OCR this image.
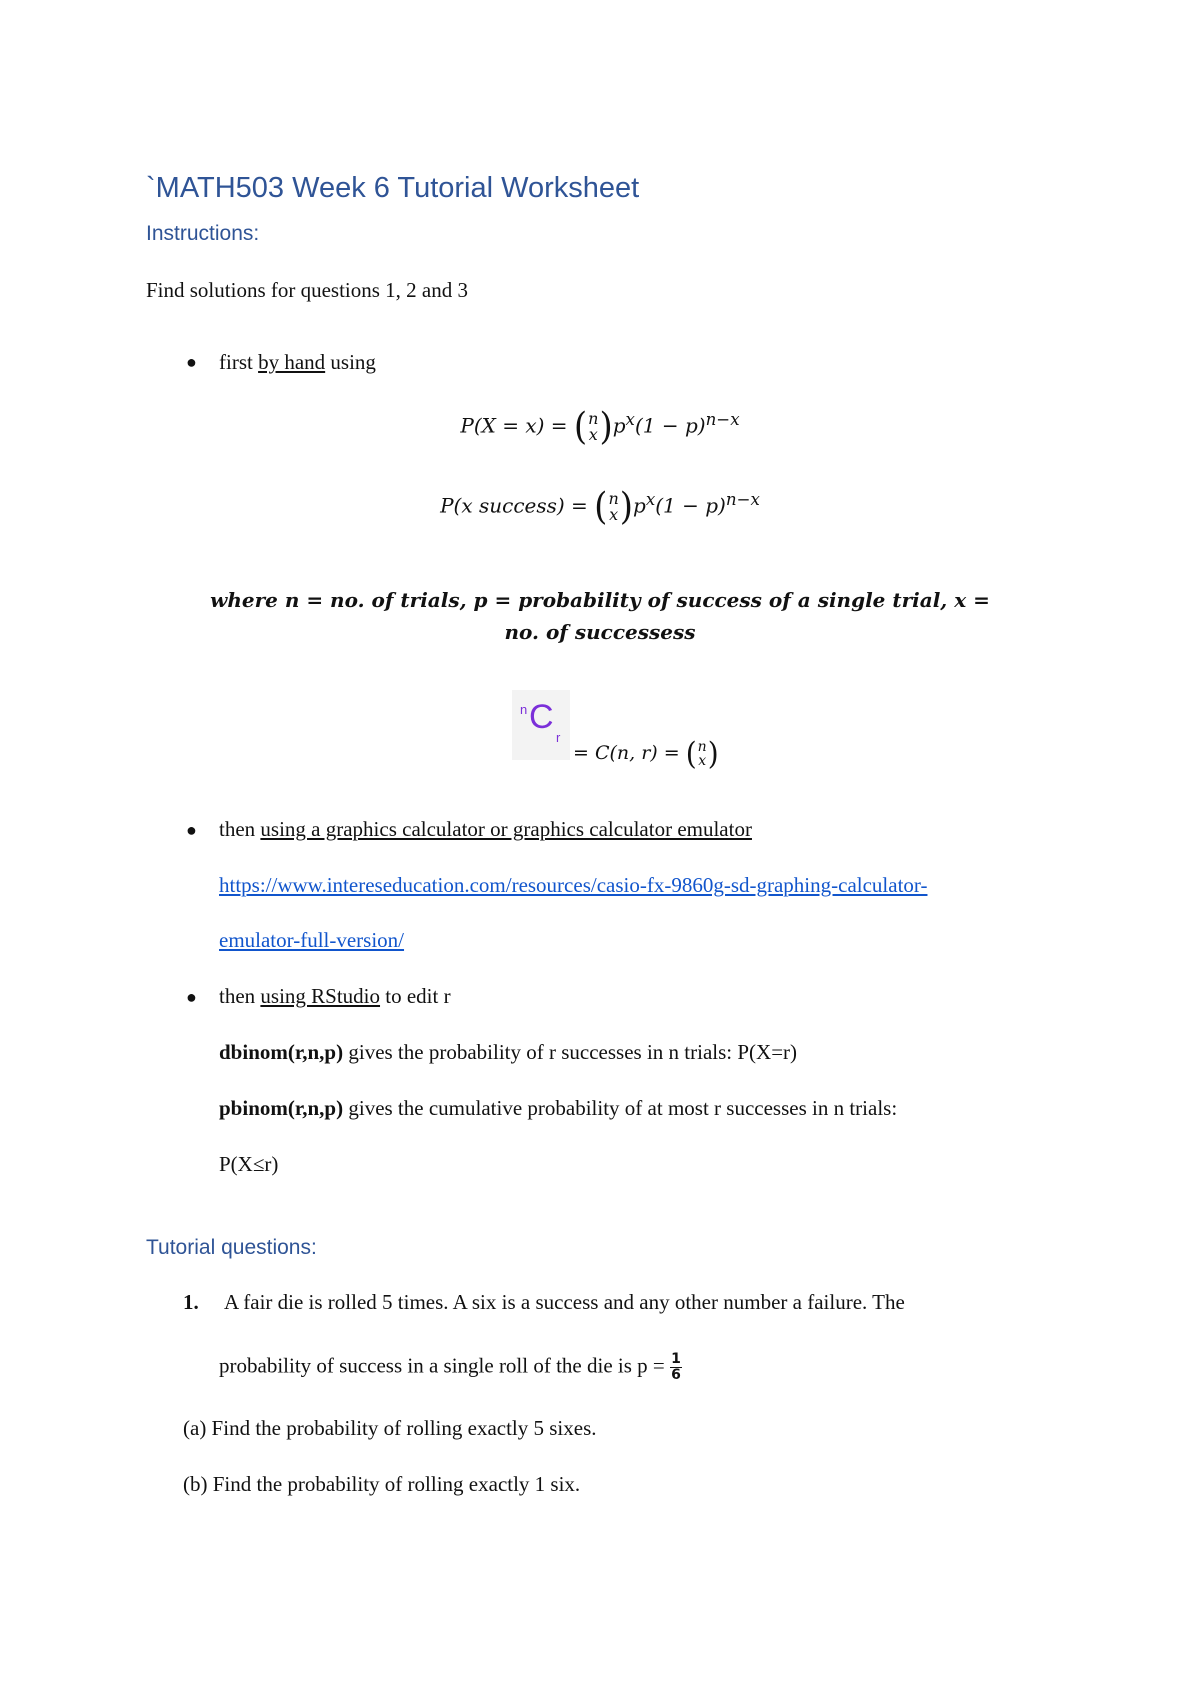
`MATH503 Week 6 Tutorial Worksheet
Instructions:
Find solutions for questions 1, 2 and 3
● first by hand using
P(X = x) = ( n
x ) $p^x(1 - p)^{n-x}$
P(x success) = ( n
x ) $p^x(1 - p)^{n-x}$
where n = no. of trials, p = probability of success of a single trial, x =
no. of successess
n C
r
= C(n, r) = ( n
x )
● then using a graphics calculator or graphics calculator emulator
https://www.intereseducation.com/resources/casio-fx-9860g-sd-graphing-calculator-
emulator-full-version/
● then using RStudio to edit r
dbinom(r,n,p) gives the probability of r successes in n trials: P(X=r)
pbinom(r,n,p) gives the cumulative probability of at most r successes in n trials:
P(X≤r)
Tutorial questions:
1. A fair die is rolled 5 times. A six is a success and any other number a failure. The
probability of success in a single roll of the die is $p = \frac{1}{6}$
(a) Find the probability of rolling exactly 5 sixes.
(b) Find the probability of rolling exactly 1 six.
